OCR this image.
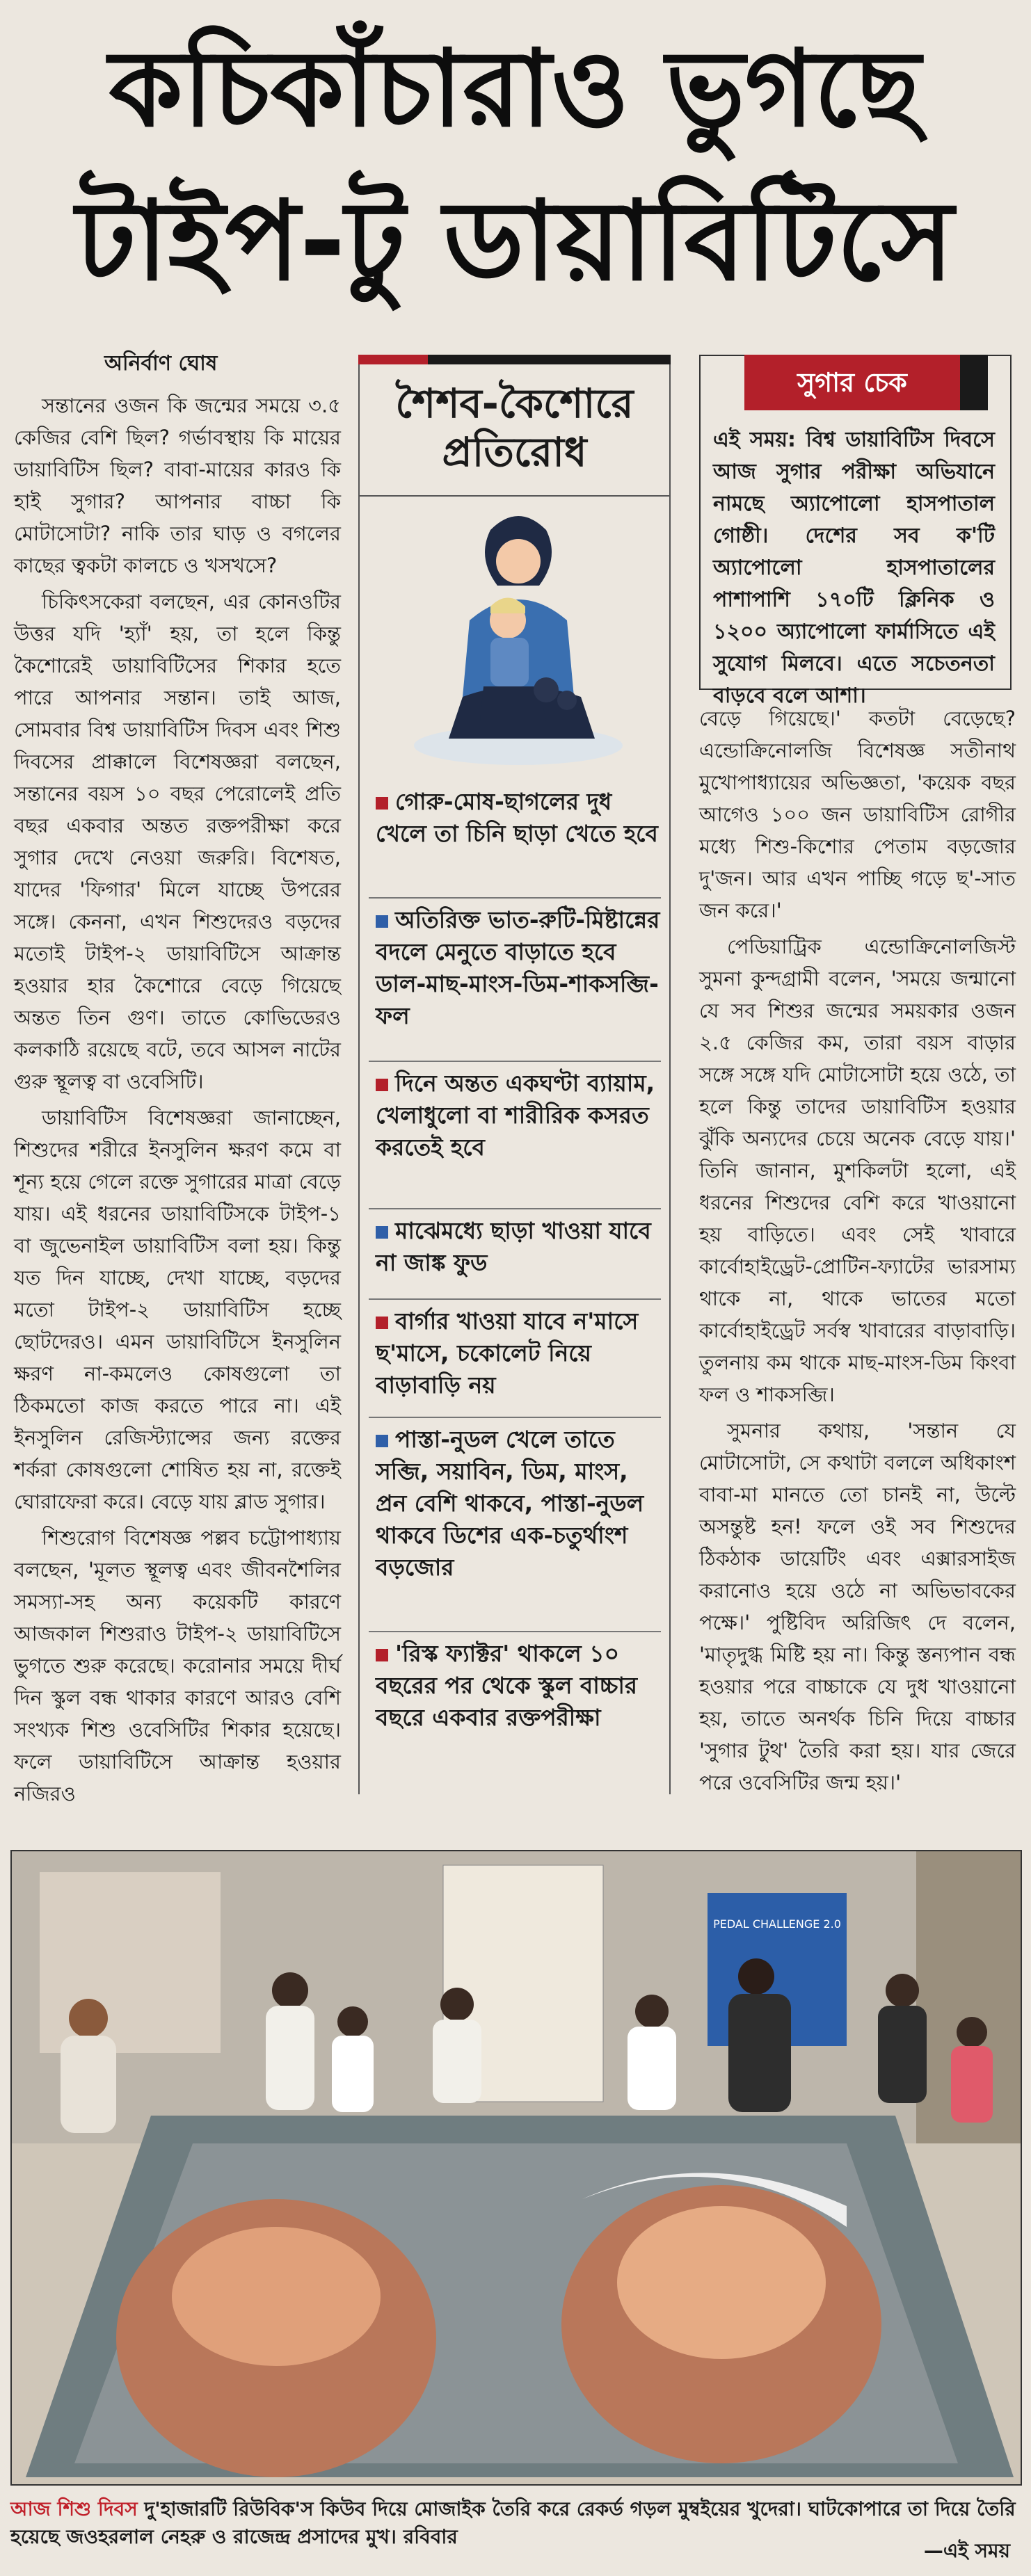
কচিকাঁচারাও ভুগছে
টাইপ-টু ডায়াবিটিসে
অনির্বাণ ঘোষ

সন্তানের ওজন কি জন্মের সময়ে ৩.৫ কেজির বেশি ছিল? গর্ভাবস্থায় কি মায়ের ডায়াবিটিস ছিল? বাবা-মায়ের কারও কি হাই সুগার? আপনার বাচ্চা কি মোটাসোটা? নাকি তার ঘাড় ও বগলের কাছের ত্বকটা কালচে ও খসখসে?

চিকিৎসকেরা বলছেন, এর কোনওটির উত্তর যদি 'হ্যাঁ' হয়, তা হলে কিন্তু কৈশোরেই ডায়াবিটিসের শিকার হতে পারে আপনার সন্তান। তাই আজ, সোমবার বিশ্ব ডায়াবিটিস দিবস এবং শিশু দিবসের প্রাক্কালে বিশেষজ্ঞরা বলছেন, সন্তানের বয়স ১০ বছর পেরোলেই প্রতি বছর একবার অন্তত রক্তপরীক্ষা করে সুগার দেখে নেওয়া জরুরি। বিশেষত, যাদের 'ফিগার' মিলে যাচ্ছে উপরের সঙ্গে। কেননা, এখন শিশুদেরও বড়দের মতোই টাইপ-২ ডায়াবিটিসে আক্রান্ত হওয়ার হার কৈশোরে বেড়ে গিয়েছে অন্তত তিন গুণ। তাতে কোভিডেরও কলকাঠি রয়েছে বটে, তবে আসল নাটের গুরু স্থূলত্ব বা ওবেসিটি।

ডায়াবিটিস বিশেষজ্ঞরা জানাচ্ছেন, শিশুদের শরীরে ইনসুলিন ক্ষরণ কমে বা শূন্য হয়ে গেলে রক্তে সুগারের মাত্রা বেড়ে যায়। এই ধরনের ডায়াবিটিসকে টাইপ-১ বা জুভেনাইল ডায়াবিটিস বলা হয়। কিন্তু যত দিন যাচ্ছে, দেখা যাচ্ছে, বড়দের মতো টাইপ-২ ডায়াবিটিস হচ্ছে ছোটদেরও। এমন ডায়াবিটিসে ইনসুলিন ক্ষরণ না-কমলেও কোষগুলো তা ঠিকমতো কাজ করতে পারে না। এই ইনসুলিন রেজিস্ট্যান্সের জন্য রক্তের শর্করা কোষগুলো শোষিত হয় না, রক্তেই ঘোরাফেরা করে। বেড়ে যায় ব্লাড সুগার।

শিশুরোগ বিশেষজ্ঞ পল্লব চট্টোপাধ্যায় বলছেন, 'মূলত স্থূলত্ব এবং জীবনশৈলির সমস্যা-সহ অন্য কয়েকটি কারণে আজকাল শিশুরাও টাইপ-২ ডায়াবিটিসে ভুগতে শুরু করেছে। করোনার সময়ে দীর্ঘ দিন স্কুল বন্ধ থাকার কারণে আরও বেশি সংখ্যক শিশু ওবেসিটির শিকার হয়েছে। ফলে ডায়াবিটিসে আক্রান্ত হওয়ার নজিরও

শৈশব-কৈশোরে প্রতিরোধ
গোরু-মোষ-ছাগলের দুধ খেলে তা চিনি ছাড়া খেতে হবে
অতিরিক্ত ভাত-রুটি-মিষ্টান্নের বদলে মেনুতে বাড়াতে হবে ডাল-মাছ-মাংস-ডিম-শাকসব্জি-ফল
দিনে অন্তত একঘণ্টা ব্যায়াম, খেলাধুলো বা শারীরিক কসরত করতেই হবে
মাঝেমধ্যে ছাড়া খাওয়া যাবে না জাঙ্ক ফুড
বার্গার খাওয়া যাবে ন'মাসে ছ'মাসে, চকোলেট নিয়ে বাড়াবাড়ি নয়
পাস্তা-নুডল খেলে তাতে সব্জি, সয়াবিন, ডিম, মাংস, প্রন বেশি থাকবে, পাস্তা-নুডল থাকবে ডিশের এক-চতুর্থাংশ বড়জোর
'রিস্ক ফ্যাক্টর' থাকলে ১০ বছরের পর থেকে স্কুল বাচ্চার বছরে একবার রক্তপরীক্ষা
সুগার চেক
এই সময়: বিশ্ব ডায়াবিটিস দিবসে আজ সুগার পরীক্ষা অভিযানে নামছে অ্যাপোলো হাসপাতাল গোষ্ঠী। দেশের সব ক'টি অ্যাপোলো হাসপাতালের পাশাপাশি ১৭০টি ক্লিনিক ও ১২০০ অ্যাপোলো ফার্মাসিতে এই সুযোগ মিলবে। এতে সচেতনতা বাড়বে বলে আশা।

বেড়ে গিয়েছে।' কতটা বেড়েছে? এন্ডোক্রিনোলজি বিশেষজ্ঞ সতীনাথ মুখোপাধ্যায়ের অভিজ্ঞতা, 'কয়েক বছর আগেও ১০০ জন ডায়াবিটিস রোগীর মধ্যে শিশু-কিশোর পেতাম বড়জোর দু'জন। আর এখন পাচ্ছি গড়ে ছ'-সাত জন করে।'

পেডিয়াট্রিক এন্ডোক্রিনোলজিস্ট সুমনা কুন্দগ্রামী বলেন, 'সময়ে জন্মানো যে সব শিশুর জন্মের সময়কার ওজন ২.৫ কেজির কম, তারা বয়স বাড়ার সঙ্গে সঙ্গে যদি মোটাসোটা হয়ে ওঠে, তা হলে কিন্তু তাদের ডায়াবিটিস হওয়ার ঝুঁকি অন্যদের চেয়ে অনেক বেড়ে যায়।' তিনি জানান, মুশকিলটা হলো, এই ধরনের শিশুদের বেশি করে খাওয়ানো হয় বাড়িতে। এবং সেই খাবারে কার্বোহাইড্রেট-প্রোটিন-ফ্যাটের ভারসাম্য থাকে না, থাকে ভাতের মতো কার্বোহাইড্রেট সর্বস্ব খাবারের বাড়াবাড়ি। তুলনায় কম থাকে মাছ-মাংস-ডিম কিংবা ফল ও শাকসব্জি।

সুমনার কথায়, 'সন্তান যে মোটাসোটা, সে কথাটা বললে অধিকাংশ বাবা-মা মানতে তো চানই না, উল্টে অসন্তুষ্ট হন! ফলে ওই সব শিশুদের ঠিকঠাক ডায়েটিং এবং এক্সারসাইজ করানোও হয়ে ওঠে না অভিভাবকের পক্ষে।' পুষ্টিবিদ অরিজিৎ দে বলেন, 'মাতৃদুগ্ধ মিষ্টি হয় না। কিন্তু স্তন্যপান বন্ধ হওয়ার পরে বাচ্চাকে যে দুধ খাওয়ানো হয়, তাতে অনর্থক চিনি দিয়ে বাচ্চার 'সুগার টুথ' তৈরি করা হয়। যার জেরে পরে ওবেসিটির জন্ম হয়।'

PEDAL CHALLENGE 2.0
আজ শিশু দিবস দু'হাজারটি রিউবিক'স কিউব দিয়ে মোজাইক তৈরি করে রেকর্ড গড়ল মুম্বইয়ের খুদেরা। ঘাটকোপারে তা দিয়ে তৈরি হয়েছে জওহরলাল নেহরু ও রাজেন্দ্র প্রসাদের মুখ। রবিবার
—এই সময়
